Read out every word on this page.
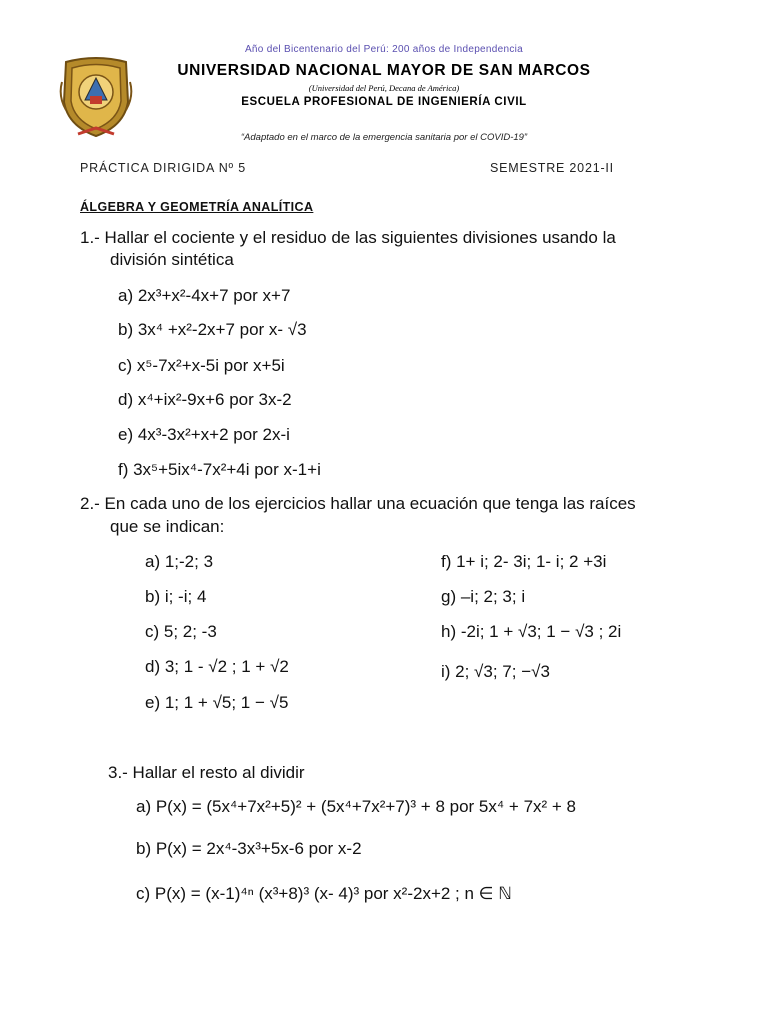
Año del Bicentenario del Perú: 200 años de Independencia
UNIVERSIDAD NACIONAL MAYOR DE SAN MARCOS
(Universidad del Perú, Decana de América)
ESCUELA PROFESIONAL DE INGENIERÍA CIVIL
“Adaptado en el marco de la emergencia sanitaria por el COVID-19”
PRÁCTICA DIRIGIDA Nº 5	SEMESTRE 2021-II
ÁLGEBRA Y GEOMETRÍA ANALÍTICA
1.- Hallar el cociente y el residuo de las siguientes divisiones usando la
división sintética
a) 2x³+x²-4x+7 por x+7
b) 3x⁴ +x²-2x+7 por x- √3
c) x⁵-7x²+x-5i por x+5i
d) x⁴+ix²-9x+6 por 3x-2
e) 4x³-3x²+x+2 por 2x-i
f) 3x⁵+5ix⁴-7x²+4i por x-1+i
2.- En cada uno de los ejercicios hallar una ecuación que tenga las raíces
que se indican:
a) 1;-2; 3
b) i; -i; 4
c) 5; 2; -3
d) 3; 1 - √2 ; 1 + √2
e) 1; 1 + √5; 1 − √5
f) 1+ i; 2- 3i; 1- i; 2 +3i
g) –i; 2; 3; i
h) -2i; 1 + √3; 1 − √3 ; 2i
i) 2; √3; 7; −√3
3.- Hallar el resto al dividir
a) P(x) = (5x⁴+7x²+5)² + (5x⁴+7x²+7)³ + 8 por 5x⁴ + 7x² + 8
b) P(x) = 2x⁴-3x³+5x-6 por x-2
c) P(x) = (x-1)⁴ⁿ (x³+8)³ (x- 4)³ por x²-2x+2 ; n ∈ ℕ
